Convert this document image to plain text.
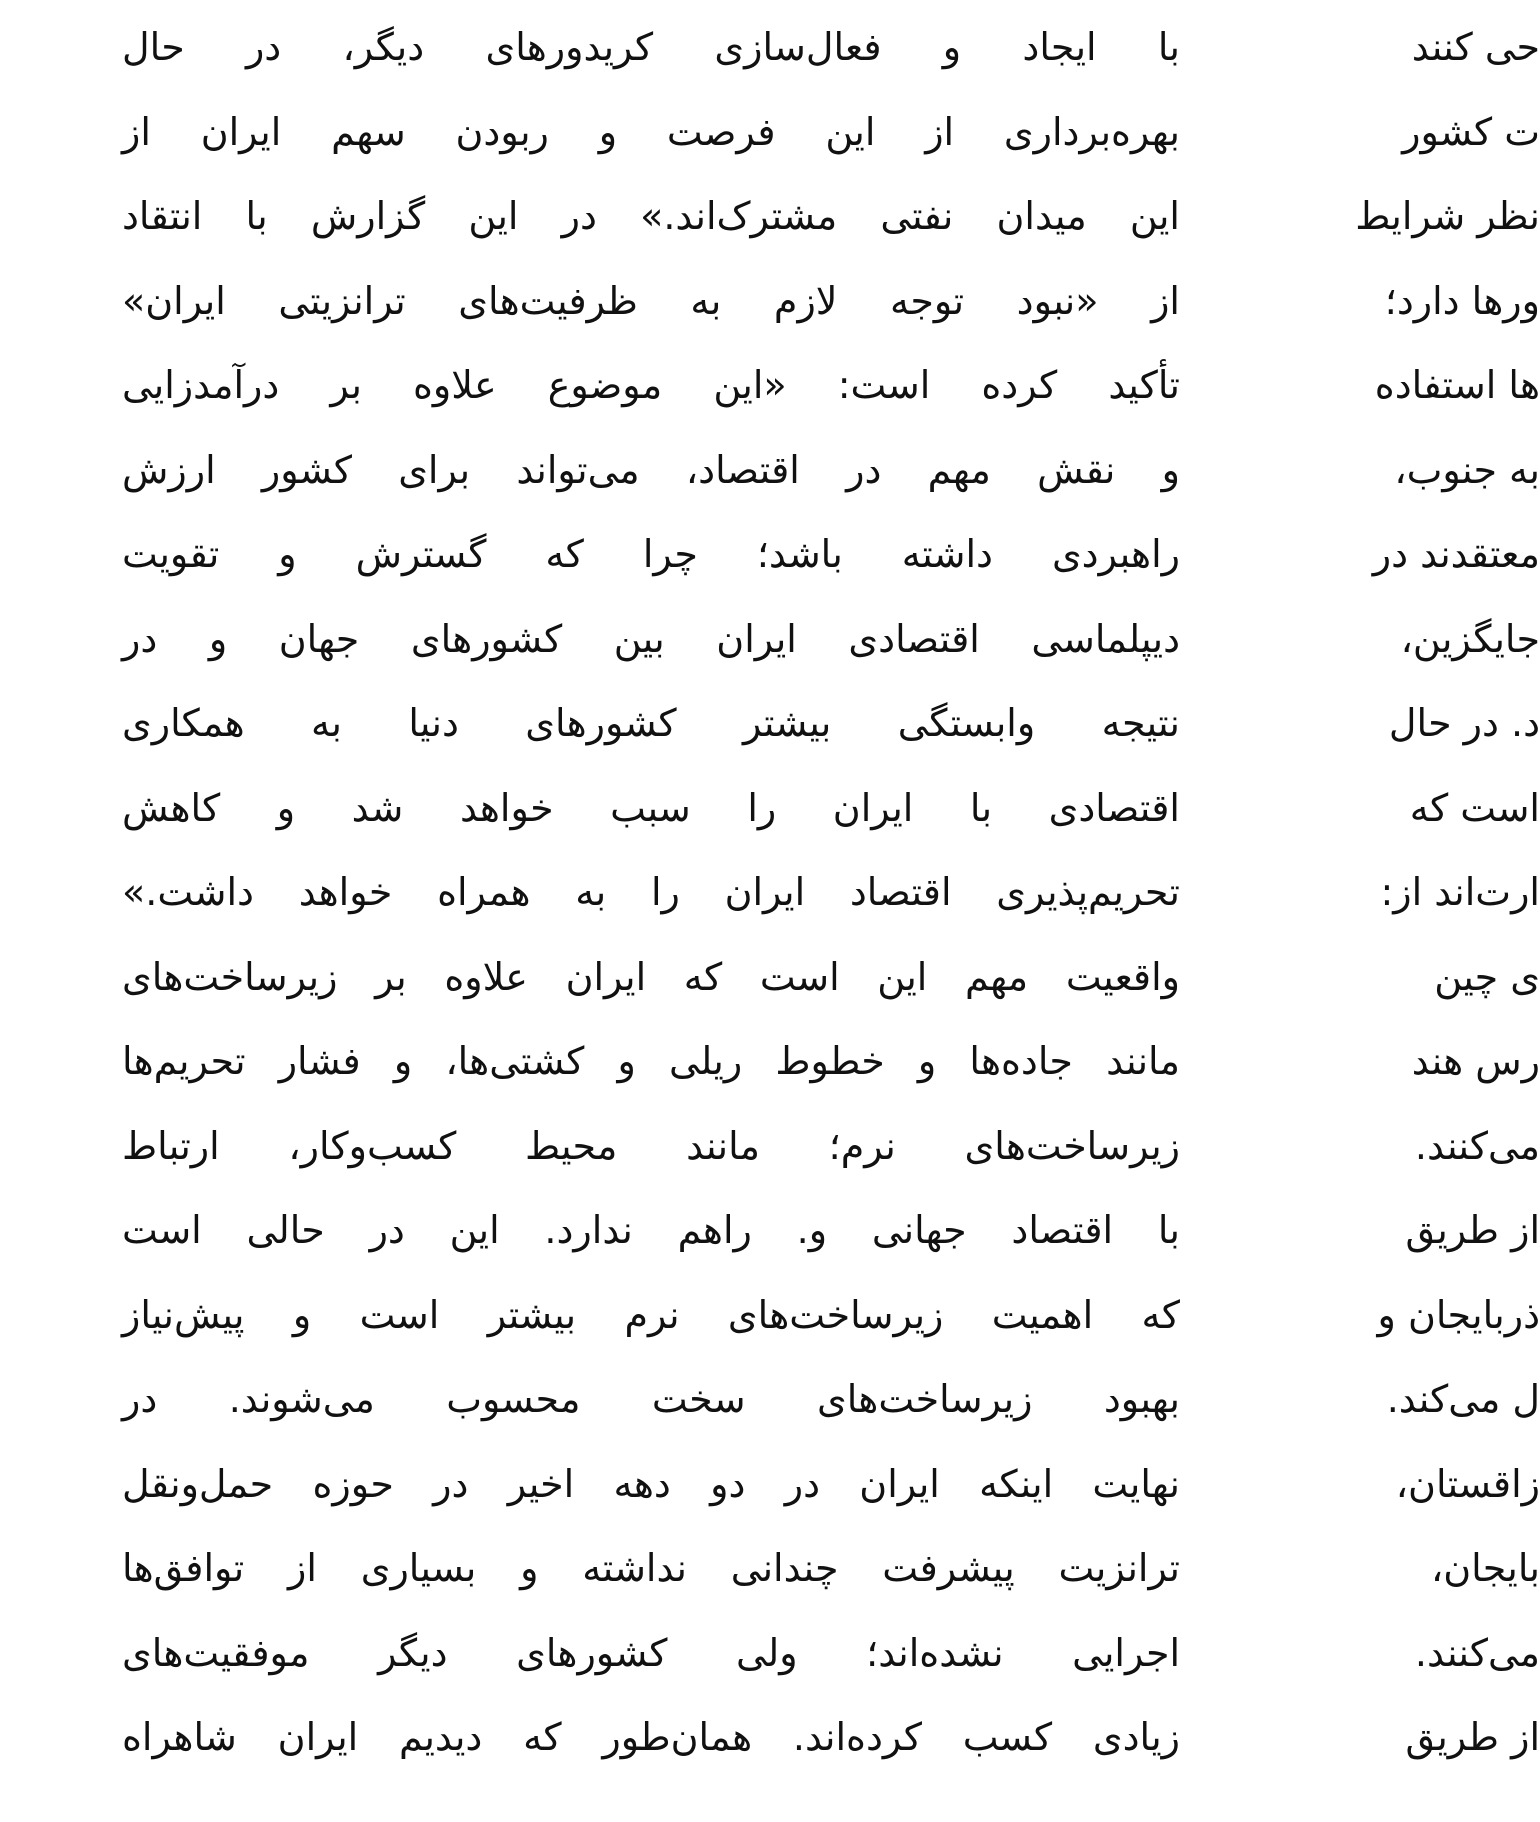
با ایجاد و فعال‌سازی کریدورهای دیگر، در حال
بهره‌برداری از این فرصت و ربودن سهم ایران از
این میدان نفتی مشترک‌اند.» در این گزارش با انتقاد
از «نبود توجه لازم به ظرفیت‌های ترانزیتی ایران»
تأکید کرده است: «این موضوع علاوه بر درآمدزایی
و نقش مهم در اقتصاد، می‌تواند برای کشور ارزش
راهبردی داشته باشد؛ چرا که گسترش و تقویت
دیپلماسی اقتصادی ایران بین کشورهای جهان و در
نتیجه وابستگی بیشتر کشورهای دنیا به همکاری
اقتصادی با ایران را سبب خواهد شد و کاهش
تحریم‌پذیری اقتصاد ایران را به همراه خواهد داشت.»
واقعیت مهم این است که ایران علاوه بر زیرساخت‌های
مانند جاده‌ها و خطوط ریلی و کشتی‌ها، و فشار تحریم‌ها
زیرساخت‌های نرم؛ مانند محیط کسب‌وکار، ارتباط
با اقتصاد جهانی و. راهم ندارد. این در حالی است
که اهمیت زیرساخت‌های نرم بیشتر است و پیش‌نیاز
بهبود زیرساخت‌های سخت محسوب می‌شوند. در
نهایت اینکه ایران در دو دهه اخیر در حوزه حمل‌ونقل
ترانزیت پیشرفت چندانی نداشته و بسیاری از توافق‌ها
اجرایی نشده‌اند؛ ولی کشورهای دیگر موفقیت‌های
زیادی کسب کرده‌اند. همان‌طور که دیدیم ایران شاهراه
حی کنند
ت کشور
نظر شرایط
ورها دارد؛
ها استفاده
به جنوب،
معتقدند در
جایگزین،
د. در حال
است که
ارت‌اند از:
ی چین
رس هند
می‌کنند.
از طریق
ذربایجان و
ل می‌کند.
زاقستان،
بایجان،
می‌کنند.
از طریق
